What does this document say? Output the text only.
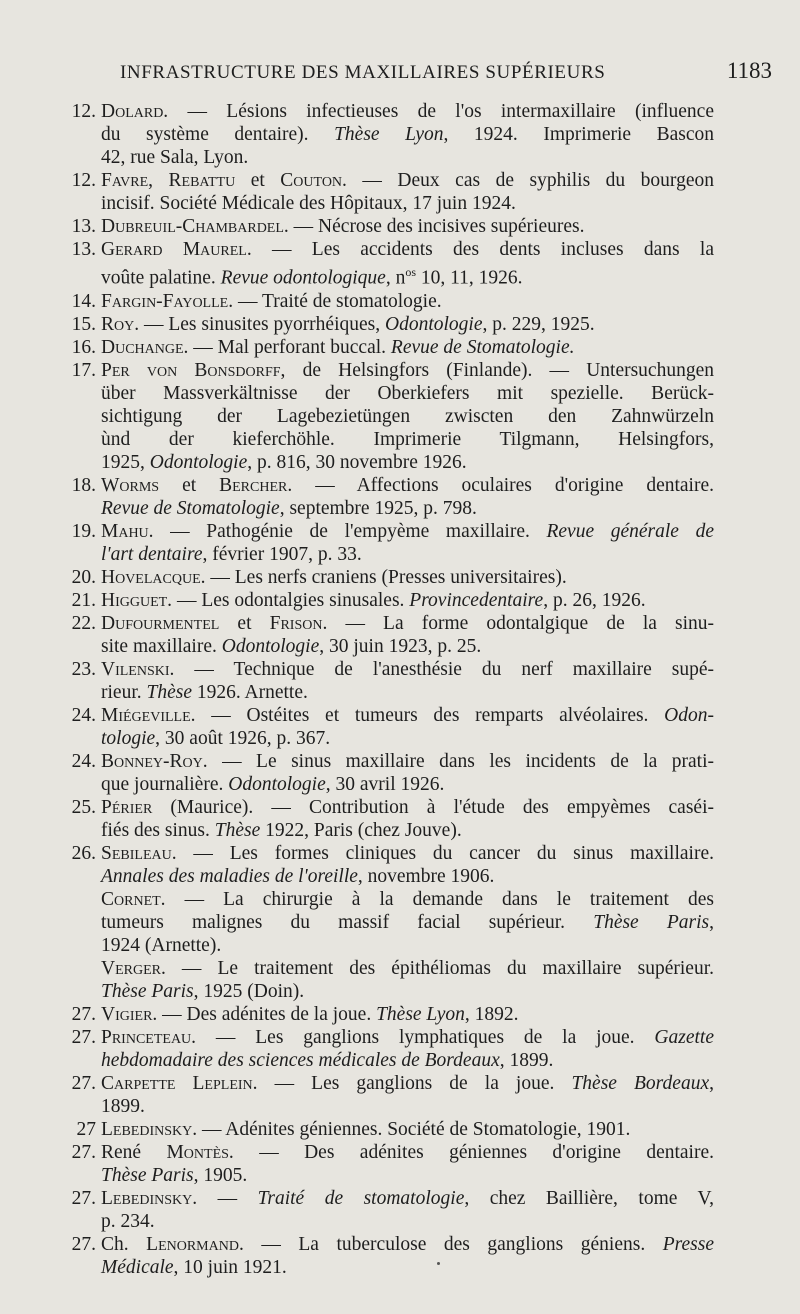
INFRASTRUCTURE DES MAXILLAIRES SUPÉRIEURS	1183
12. Dolard. — Lésions infectieuses de l'os intermaxillaire (influence
du système dentaire). Thèse Lyon, 1924. Imprimerie Bascon
42, rue Sala, Lyon.
12. Favre, Rebattu et Couton. — Deux cas de syphilis du bourgeon
incisif. Société Médicale des Hôpitaux, 17 juin 1924.
13. Dubreuil-Chambardel. — Nécrose des incisives supérieures.
13. Gerard Maurel. — Les accidents des dents incluses dans la
voûte palatine. Revue odontologique, $n^{os}$ 10, 11, 1926.
14. Fargin-Fayolle. — Traité de stomatologie.
15. Roy. — Les sinusites pyorrhéiques, Odontologie, p. 229, 1925.
16. Duchange. — Mal perforant buccal. Revue de Stomatologie.
17. Per von Bonsdorff, de Helsingfors (Finlande). — Untersuchungen
über Massverkältnisse der Oberkiefers mit spezielle. Berück-
sichtigung der Lagebezietüngen zwiscten den Zahnwürzeln
ùnd der kieferchöhle. Imprimerie Tilgmann, Helsingfors,
1925, Odontologie, p. 816, 30 novembre 1926.
18. Worms et Bercher. — Affections oculaires d'origine dentaire.
Revue de Stomatologie, septembre 1925, p. 798.
19. Mahu. — Pathogénie de l'empyème maxillaire. Revue générale de
l'art dentaire, février 1907, p. 33.
20. Hovelacque. — Les nerfs craniens (Presses universitaires).
21. Higguet. — Les odontalgies sinusales. Provincedentaire, p. 26, 1926.
22. Dufourmentel et Frison. — La forme odontalgique de la sinu-
site maxillaire. Odontologie, 30 juin 1923, p. 25.
23. Vilenski. — Technique de l'anesthésie du nerf maxillaire supé-
rieur. Thèse 1926. Arnette.
24. Miégeville. — Ostéites et tumeurs des remparts alvéolaires. Odon-
tologie, 30 août 1926, p. 367.
24. Bonney-Roy. — Le sinus maxillaire dans les incidents de la prati-
que journalière. Odontologie, 30 avril 1926.
25. Périer (Maurice). — Contribution à l'étude des empyèmes caséi-
fiés des sinus. Thèse 1922, Paris (chez Jouve).
26. Sebileau. — Les formes cliniques du cancer du sinus maxillaire.
Annales des maladies de l'oreille, novembre 1906.
Cornet. — La chirurgie à la demande dans le traitement des
tumeurs malignes du massif facial supérieur. Thèse Paris,
1924 (Arnette).
Verger. — Le traitement des épithéliomas du maxillaire supérieur.
Thèse Paris, 1925 (Doin).
27. Vigier. — Des adénites de la joue. Thèse Lyon, 1892.
27. Princeteau. — Les ganglions lymphatiques de la joue. Gazette
hebdomadaire des sciences médicales de Bordeaux, 1899.
27. Carpette Leplein. — Les ganglions de la joue. Thèse Bordeaux,
1899.
27 Lebedinsky. — Adénites géniennes. Société de Stomatologie, 1901.
27. René Montès. — Des adénites géniennes d'origine dentaire.
Thèse Paris, 1905.
27. Lebedinsky. — Traité de stomatologie, chez Baillière, tome V,
p. 234.
27. Ch. Lenormand. — La tuberculose des ganglions géniens. Presse
Médicale, 10 juin 1921.
